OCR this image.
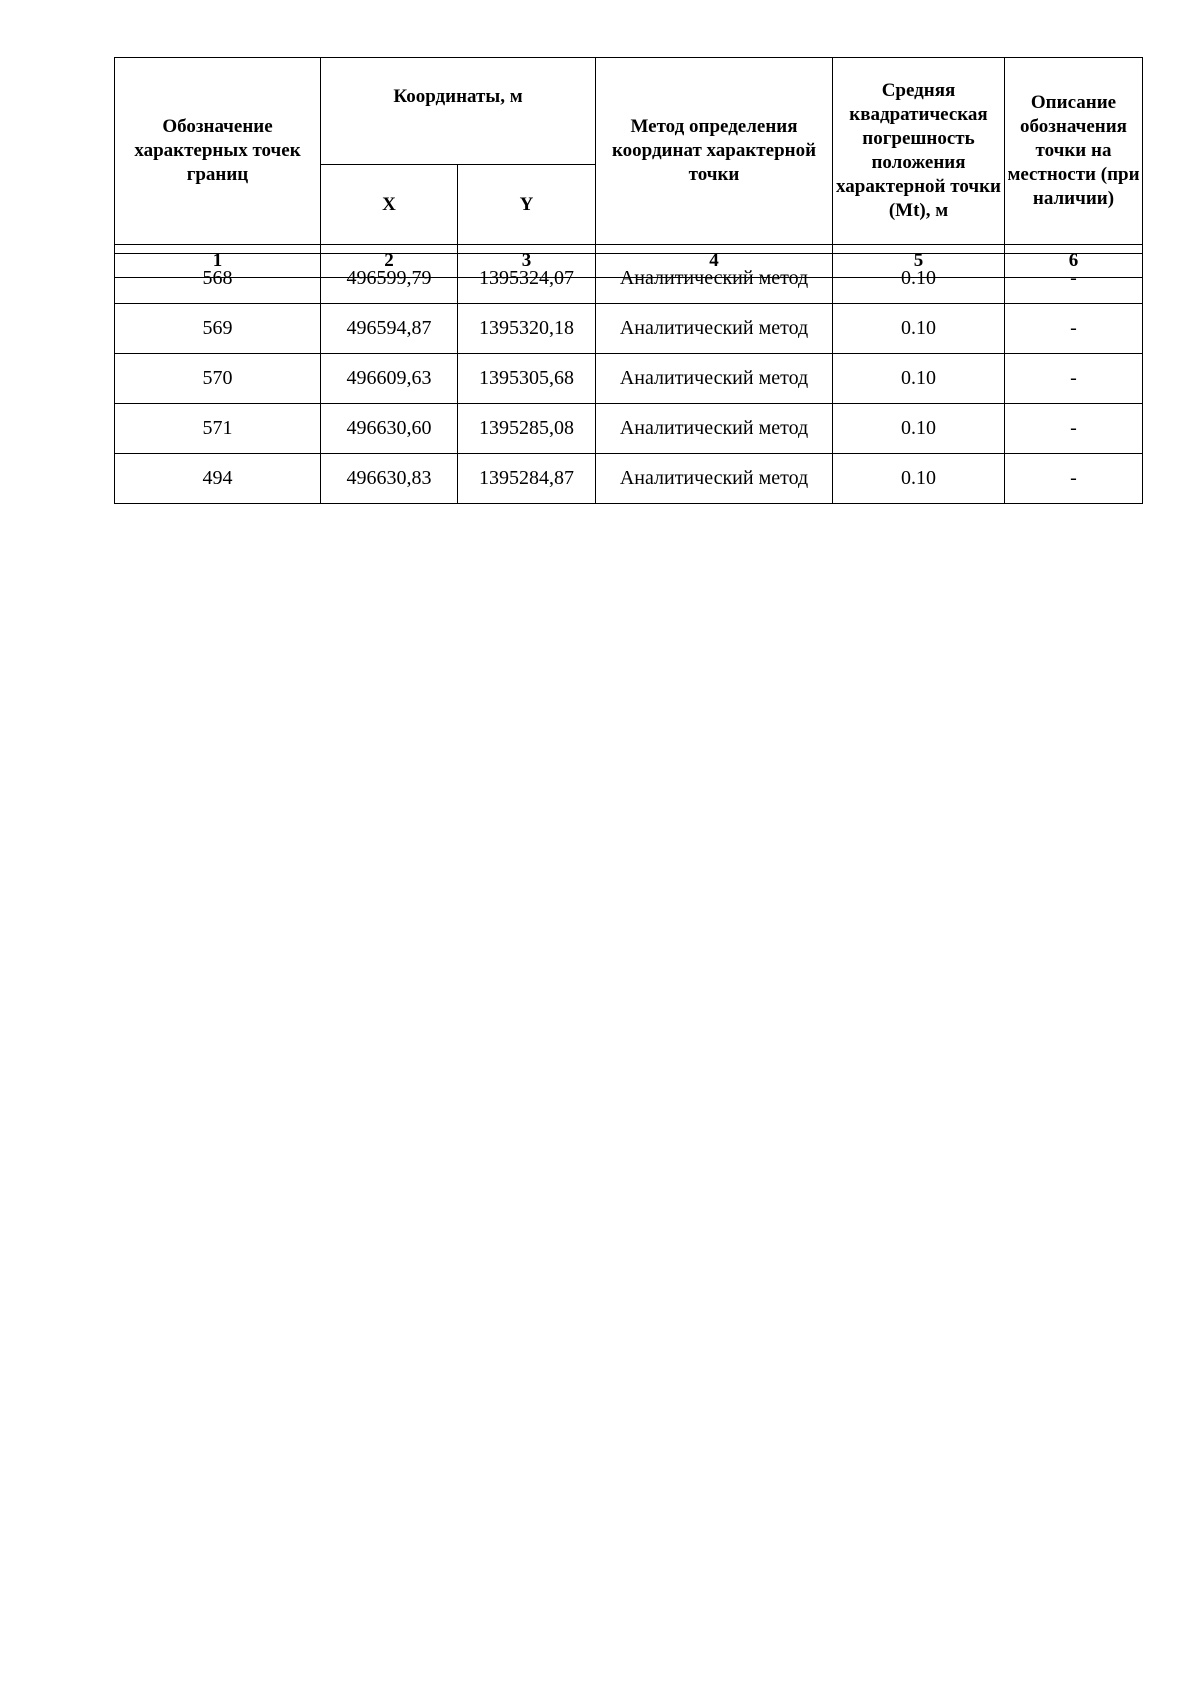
Обозначение характерных точек границ	Координаты, м		Метод определения координат характерной точки	Средняя квадратическая погрешность положения характерной точки (Mt), м	Описание обозначения точки на местности (при наличии)
	X	Y			
1	2	3	4	5	6
568	496599,79	1395324,07	Аналитический метод	0.10	-
569	496594,87	1395320,18	Аналитический метод	0.10	-
570	496609,63	1395305,68	Аналитический метод	0.10	-
571	496630,60	1395285,08	Аналитический метод	0.10	-
494	496630,83	1395284,87	Аналитический метод	0.10	-
